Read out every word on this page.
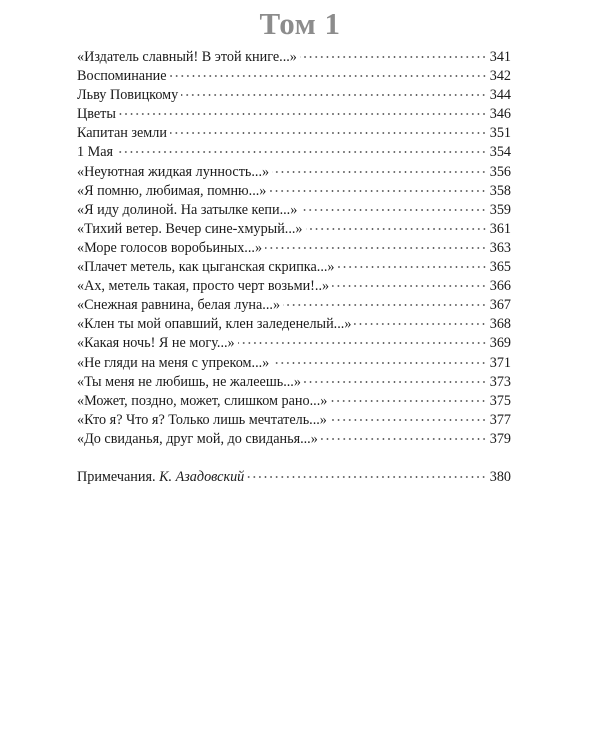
Том 1
«Издатель славный! В этой книге...»	341
Воспоминание	342
Льву Повицкому	344
Цветы	346
Капитан земли	351
1 Мая	354
«Неуютная жидкая лунность...»	356
«Я помню, любимая, помню...»	358
«Я иду долиной. На затылке кепи...»	359
«Тихий ветер. Вечер сине-хмурый...»	361
«Море голосов воробьиных...»	363
«Плачет метель, как цыганская скрипка...»	365
«Ах, метель такая, просто черт возьми!..»	366
«Снежная равнина, белая луна...»	367
«Клен ты мой опавший, клен заледенелый...»	368
«Какая ночь! Я не могу...»	369
«Не гляди на меня с упреком...»	371
«Ты меня не любишь, не жалеешь...»	373
«Может, поздно, может, слишком рано...»	375
«Кто я? Что я? Только лишь мечтатель...»	377
«До свиданья, друг мой, до свиданья...»	379
Примечания. К. Азадовский	380
